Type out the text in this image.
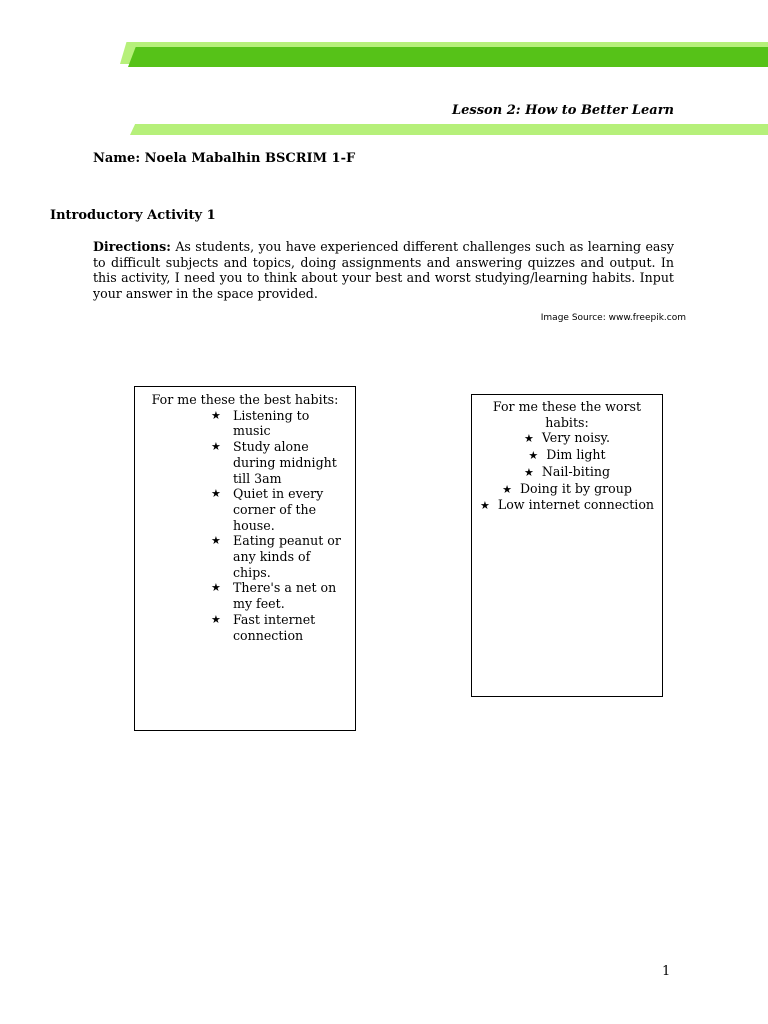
Lesson 2: How to Better Learn
Name: Noela Mabalhin BSCRIM 1-F
Introductory Activity 1

Directions: As students, you have experienced different challenges such as learning easy to difficult subjects and topics, doing assignments and answering quizzes and output. In this activity, I need you to think about your best and worst studying/learning habits. Input your answer in the space provided.

Image Source: www.freepik.com

For me these the best habits:

★ Listening to music
★ Study alone during midnight till 3am
★ Quiet in every corner of the house.
★ Eating peanut or any kinds of chips.
★ There's a net on my feet.
★ Fast internet connection

For me these the worst habits:

★ Very noisy.
★ Dim light
★ Nail-biting
★ Doing it by group
★ Low internet connection
1
